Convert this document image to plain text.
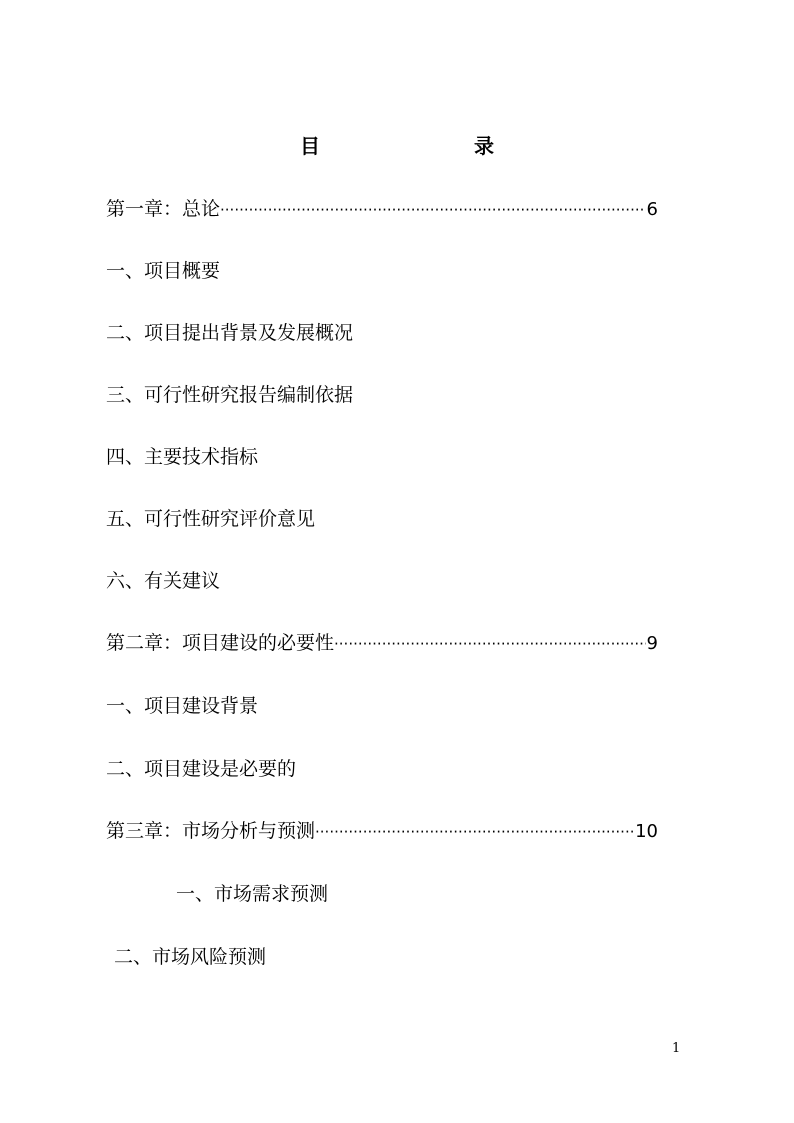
目　　录
第一章：总论 ·····	6
一、项目概要
二、项目提出背景及发展概况
三、可行性研究报告编制依据
四、主要技术指标
五、可行性研究评价意见
六、有关建议
第二章：项目建设的必要性 ·····	9
一、项目建设背景
二、项目建设是必要的
第三章：市场分析与预测 ·····	10
一、市场需求预测
二、市场风险预测
1
